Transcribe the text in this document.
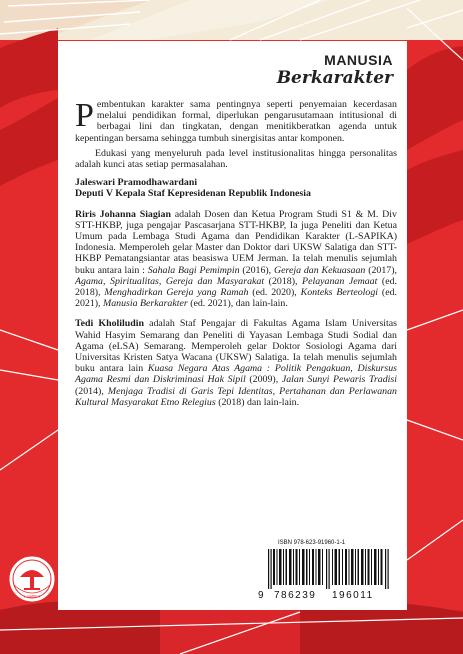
MANUSIA
Berkarakter

Pembentukan karakter sama pentingnya seperti penyemaian kecerdasan melalui pendidikan formal, diperlukan pengarusutamaan intitusional di berbagai lini dan tingkatan, dengan menitikberatkan agenda untuk kepentingan bersama sehingga tumbuh sinergisitas antar komponen.

Edukasi yang menyeluruh pada level institusionalitas hingga personalitas adalah kunci atas setiap permasalahan.

Jaleswari Pramodhawardani
Deputi V Kepala Staf Kepresidenan Republik Indonesia

Riris Johanna Siagian adalah Dosen dan Ketua Program Studi S1 & M. Div STT-HKBP, juga pengajar Pascasarjana STT-HKBP, Ia juga Peneliti dan Ketua Umum pada Lembaga Studi Agama dan Pendidikan Karakter (L-SAPIKA) Indonesia. Memperoleh gelar Master dan Doktor dari UKSW Salatiga dan STT-HKBP Pematangsiantar atas beasiswa UEM Jerman. Ia telah menulis sejumlah buku antara lain : Sahala Bagi Pemimpin (2016), Gereja dan Kekuasaan (2017), Agama, Spiritualitas, Gereja dan Masyarakat (2018), Pelayanan Jemaat (ed. 2018), Menghadirkan Gereja yang Ramah (ed. 2020), Konteks Berteologi (ed. 2021), Manusia Berkarakter (ed. 2021), dan lain-lain.

Tedi Kholiludin adalah Staf Pengajar di Fakultas Agama Islam Universitas Wahid Hasyim Semarang dan Peneliti di Yayasan Lembaga Studi Sodial dan Agama (eLSA) Semarang. Memperoleh gelar Doktor Sosiologi Agama dari Universitas Kristen Satya Wacana (UKSW) Salatiga. Ia telah menulis sejumlah buku antara lain Kuasa Negara Atas Agama : Politik Pengakuan, Diskursus Agama Resmi dan Diskriminasi Hak Sipil (2009), Jalan Sunyi Pewaris Tradisi (2014), Menjaga Tradisi di Garis Tepi Identitas, Pertahanan dan Perlawanan Kultural Masyarakat Etno Relegius (2018) dan lain-lain.

ISBN 978-623-91960-1-1
9 786239 196011
L-SAPIKA
